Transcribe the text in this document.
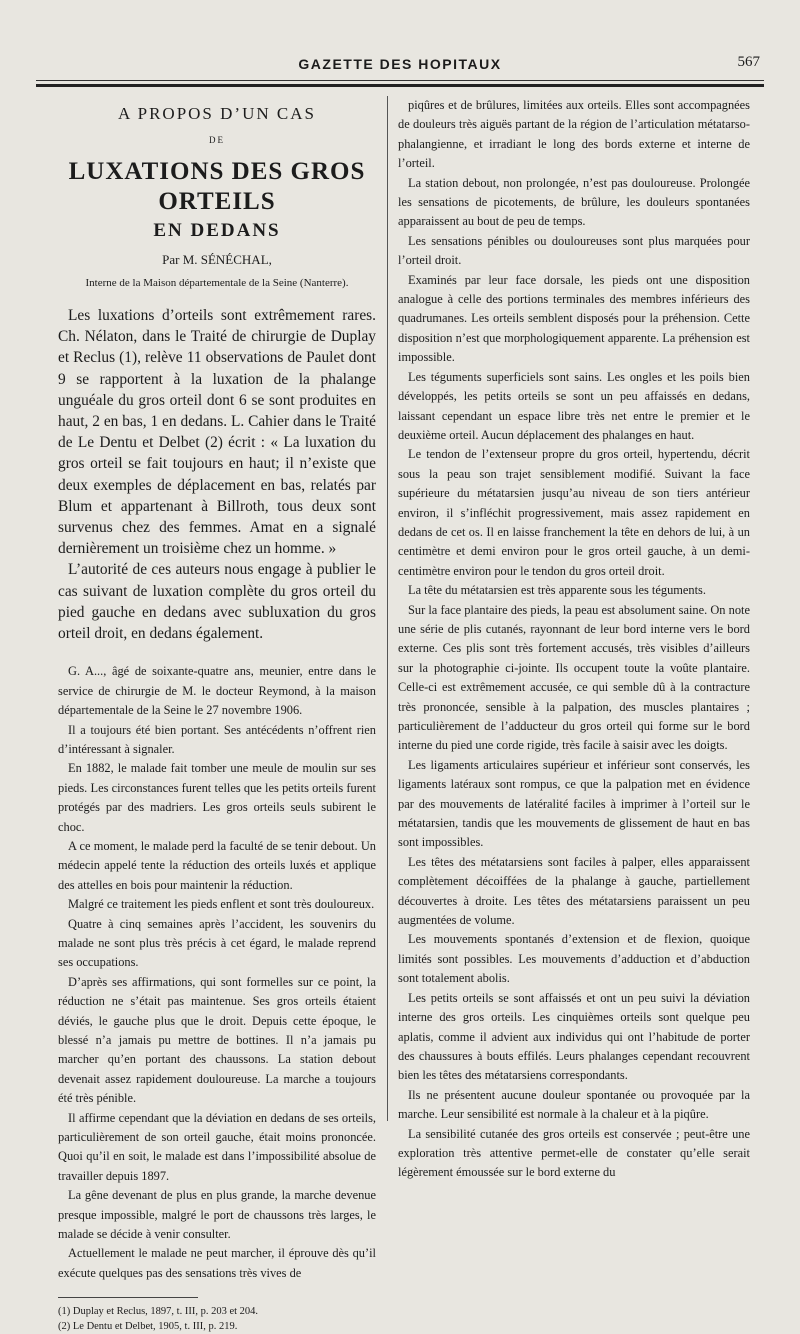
GAZETTE DES HOPITAUX	567
A PROPOS D’UN CAS
DE
LUXATIONS DES GROS ORTEILS
EN DEDANS
Par M. SÉNÉCHAL,
Interne de la Maison départementale de la Seine (Nanterre).

Les luxations d’orteils sont extrêmement rares. Ch. Nélaton, dans le Traité de chirurgie de Duplay et Reclus (1), relève 11 observations de Paulet dont 9 se rapportent à la luxation de la phalange unguéale du gros orteil dont 6 se sont produites en haut, 2 en bas, 1 en dedans. L. Cahier dans le Traité de Le Dentu et Delbet (2) écrit : « La luxation du gros orteil se fait toujours en haut; il n’existe que deux exemples de déplacement en bas, relatés par Blum et appartenant à Billroth, tous deux sont survenus chez des femmes. Amat en a signalé dernièrement un troisième chez un homme. »

L’autorité de ces auteurs nous engage à publier le cas suivant de luxation complète du gros orteil du pied gauche en dedans avec subluxation du gros orteil droit, en dedans également.

G. A..., âgé de soixante-quatre ans, meunier, entre dans le service de chirurgie de M. le docteur Reymond, à la maison départementale de la Seine le 27 novembre 1906.

Il a toujours été bien portant. Ses antécédents n’offrent rien d’intéressant à signaler.

En 1882, le malade fait tomber une meule de moulin sur ses pieds. Les circonstances furent telles que les petits orteils furent protégés par des madriers. Les gros orteils seuls subirent le choc.

A ce moment, le malade perd la faculté de se tenir debout. Un médecin appelé tente la réduction des orteils luxés et applique des attelles en bois pour maintenir la réduction.

Malgré ce traitement les pieds enflent et sont très douloureux.

Quatre à cinq semaines après l’accident, les souvenirs du malade ne sont plus très précis à cet égard, le malade reprend ses occupations.

D’après ses affirmations, qui sont formelles sur ce point, la réduction ne s’était pas maintenue. Ses gros orteils étaient déviés, le gauche plus que le droit. Depuis cette époque, le blessé n’a jamais pu mettre de bottines. Il n’a jamais pu marcher qu’en portant des chaussons. La station debout devenait assez rapidement douloureuse. La marche a toujours été très pénible.

Il affirme cependant que la déviation en dedans de ses orteils, particulièrement de son orteil gauche, était moins prononcée. Quoi qu’il en soit, le malade est dans l’impossibilité absolue de travailler depuis 1897.

La gêne devenant de plus en plus grande, la marche devenue presque impossible, malgré le port de chaussons très larges, le malade se décide à venir consulter.

Actuellement le malade ne peut marcher, il éprouve dès qu’il exécute quelques pas des sensations très vives de

(1) Duplay et Reclus, 1897, t. III, p. 203 et 204.

(2) Le Dentu et Delbet, 1905, t. III, p. 219.

piqûres et de brûlures, limitées aux orteils. Elles sont accompagnées de douleurs très aiguës partant de la région de l’articulation métatarso-phalangienne, et irradiant le long des bords externe et interne de l’orteil.

La station debout, non prolongée, n’est pas douloureuse. Prolongée les sensations de picotements, de brûlure, les douleurs spontanées apparaissent au bout de peu de temps.

Les sensations pénibles ou douloureuses sont plus marquées pour l’orteil droit.

Examinés par leur face dorsale, les pieds ont une disposition analogue à celle des portions terminales des membres inférieurs des quadrumanes. Les orteils semblent disposés pour la préhension. Cette disposition n’est que morphologiquement apparente. La préhension est impossible.

Les téguments superficiels sont sains. Les ongles et les poils bien développés, les petits orteils se sont un peu affaissés en dedans, laissant cependant un espace libre très net entre le premier et le deuxième orteil. Aucun déplacement des phalanges en haut.

Le tendon de l’extenseur propre du gros orteil, hypertendu, décrit sous la peau son trajet sensiblement modifié. Suivant la face supérieure du métatarsien jusqu’au niveau de son tiers antérieur environ, il s’infléchit progressivement, mais assez rapidement en dedans de cet os. Il en laisse franchement la tête en dehors de lui, à un centimètre et demi environ pour le gros orteil gauche, à un demi-centimètre environ pour le tendon du gros orteil droit.

La tête du métatarsien est très apparente sous les téguments.

Sur la face plantaire des pieds, la peau est absolument saine. On note une série de plis cutanés, rayonnant de leur bord interne vers le bord externe. Ces plis sont très fortement accusés, très visibles d’ailleurs sur la photographie ci-jointe. Ils occupent toute la voûte plantaire. Celle-ci est extrêmement accusée, ce qui semble dû à la contracture très prononcée, sensible à la palpation, des muscles plantaires ; particulièrement de l’adducteur du gros orteil qui forme sur le bord interne du pied une corde rigide, très facile à saisir avec les doigts.

Les ligaments articulaires supérieur et inférieur sont conservés, les ligaments latéraux sont rompus, ce que la palpation met en évidence par des mouvements de latéralité faciles à imprimer à l’orteil sur le métatarsien, tandis que les mouvements de glissement de haut en bas sont impossibles.

Les têtes des métatarsiens sont faciles à palper, elles apparaissent complètement décoiffées de la phalange à gauche, partiellement découvertes à droite. Les têtes des métatarsiens paraissent un peu augmentées de volume.

Les mouvements spontanés d’extension et de flexion, quoique limités sont possibles. Les mouvements d’adduction et d’abduction sont totalement abolis.

Les petits orteils se sont affaissés et ont un peu suivi la déviation interne des gros orteils. Les cinquièmes orteils sont quelque peu aplatis, comme il advient aux individus qui ont l’habitude de porter des chaussures à bouts effilés. Leurs phalanges cependant recouvrent bien les têtes des métatarsiens correspondants.

Ils ne présentent aucune douleur spontanée ou provoquée par la marche. Leur sensibilité est normale à la chaleur et à la piqûre.

La sensibilité cutanée des gros orteils est conservée ; peut-être une exploration très attentive permet-elle de constater qu’elle serait légèrement émoussée sur le bord externe du
